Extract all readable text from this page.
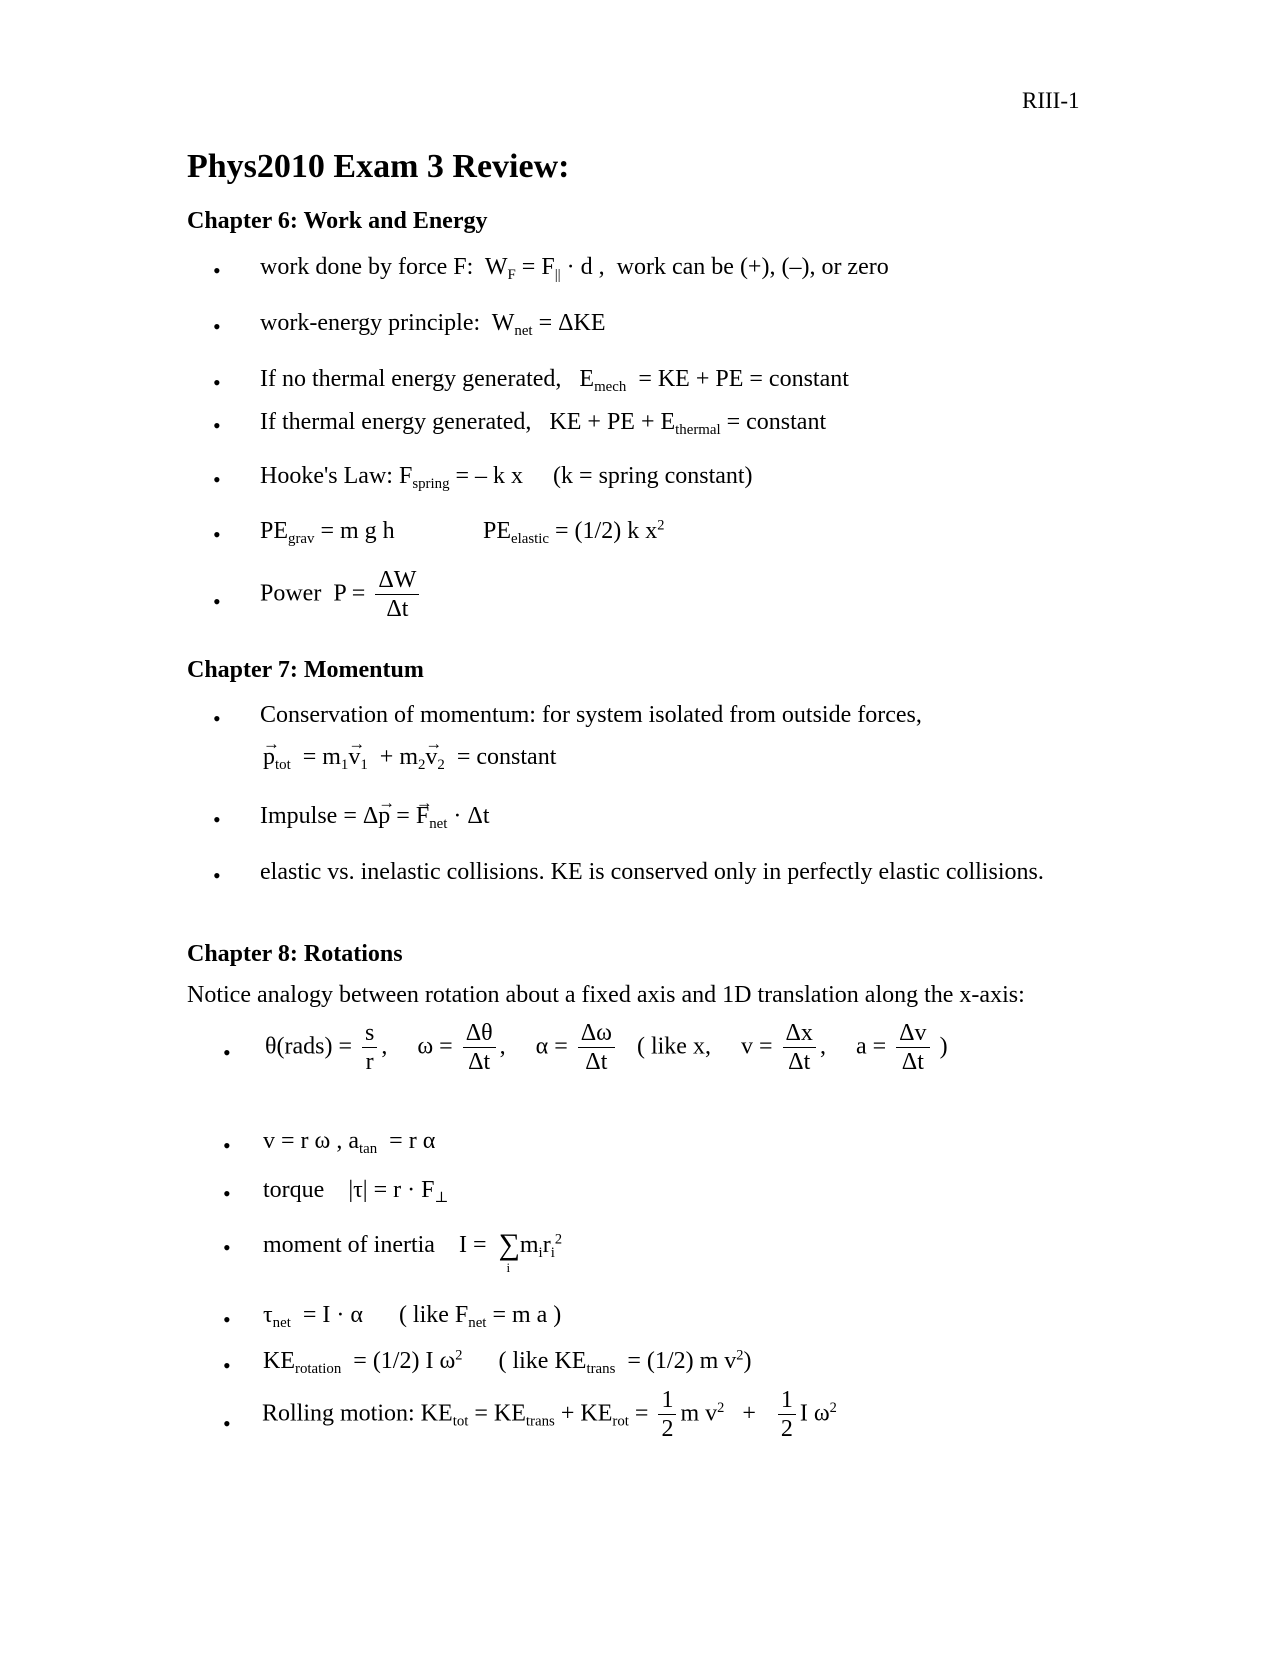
RIII-1
Phys2010 Exam 3 Review:
Chapter 6: Work and Energy
• work done by force F: $W_F = F_{||} \cdot d$ , work can be (+), (–), or zero
• work-energy principle: $W_{net} = \Delta KE$
• If no thermal energy generated, $E_{mech}$ = KE + PE = constant
• If thermal energy generated, KE + PE + $E_{thermal}$ = constant
• Hooke's Law: $F_{spring}$ = – k x (k = spring constant)
• $PE_{grav} = m$ g h	$PE_{elastic} = (1/2)$ k $x^2$
• Power $P = \frac{\Delta W}{\Delta t}$
Chapter 7: Momentum
• Conservation of momentum: for system isolated from outside forces,
→ $p_{tot} = m_1\to v_1 + m_2\to v_2$ = constant
• Impulse = Δ→ p = → $F_{net} \cdot \Delta t$
• elastic vs. inelastic collisions. KE is conserved only in perfectly elastic collisions.
Chapter 8: Rotations
Notice analogy between rotation about a fixed axis and 1D translation along the x-axis:
• θ(rads) = $\frac{s}{r}$ , $\omega = \frac{\Delta\theta}{\Delta t}$ , $\alpha = \frac{\Delta\omega}{\Delta t}$ ( like x, $v = \frac{\Delta x}{\Delta t}$ , $a = \frac{\Delta v}{\Delta t}$ )
• v = r ω , $a_{tan} = r$ α
• torque $|\tau| = r \cdot F_\perp$
• moment of inertia I = ∑
i
$m_ir_i^2$
• $\tau_{net} = I \cdot \alpha$ ( like $F_{net} = m$ a )
• $KE_{rotation} = (1/2)$ I $\omega^2$ ( like $KE_{trans} = (1/2)$ m $v^2$)
• Rolling motion: $KE_{tot} = KE_{trans} + KE_{rot} = \frac{1}{2}$ m $v^2 + \frac{1}{2}$ I $\omega^2$
